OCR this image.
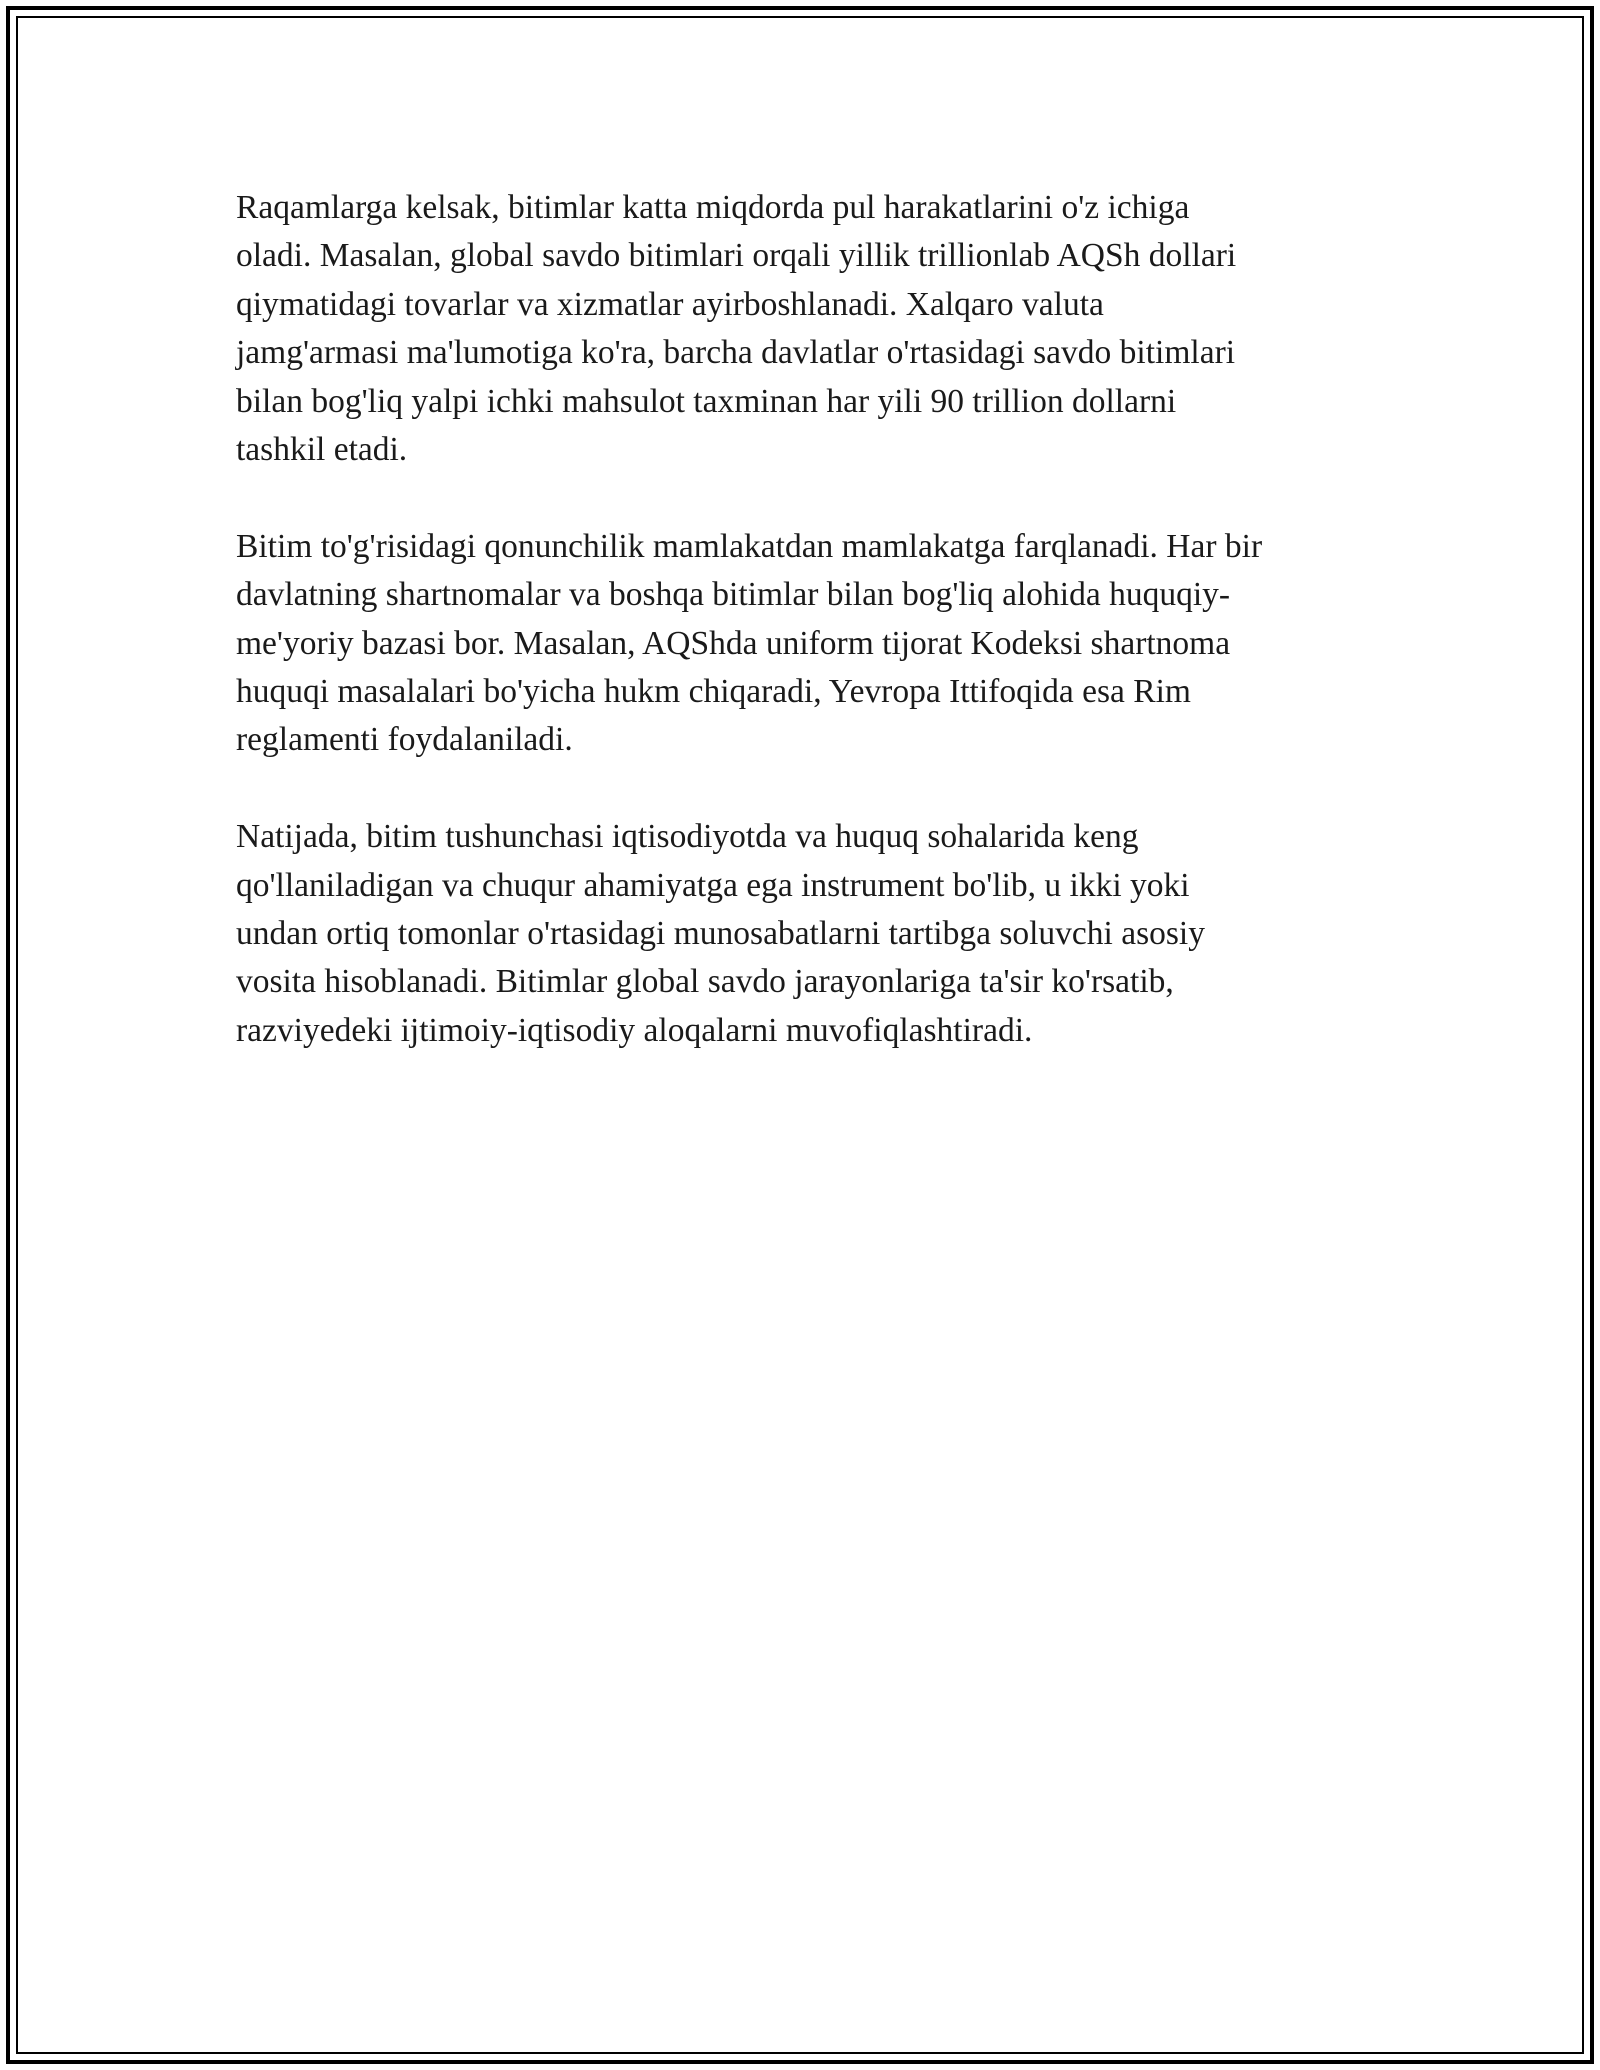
Raqamlarga kelsak, bitimlar katta miqdorda pul harakatlarini o'z ichiga
oladi. Masalan, global savdo bitimlari orqali yillik trillionlab AQSh dollari
qiymatidagi tovarlar va xizmatlar ayirboshlanadi. Xalqaro valuta
jamg'armasi ma'lumotiga ko'ra, barcha davlatlar o'rtasidagi savdo bitimlari
bilan bog'liq yalpi ichki mahsulot taxminan har yili 90 trillion dollarni
tashkil etadi.

Bitim to'g'risidagi qonunchilik mamlakatdan mamlakatga farqlanadi. Har bir
davlatning shartnomalar va boshqa bitimlar bilan bog'liq alohida huquqiy-
me'yoriy bazasi bor. Masalan, AQShda uniform tijorat Kodeksi shartnoma
huquqi masalalari bo'yicha hukm chiqaradi, Yevropa Ittifoqida esa Rim
reglamenti foydalaniladi.

Natijada, bitim tushunchasi iqtisodiyotda va huquq sohalarida keng
qo'llaniladigan va chuqur ahamiyatga ega instrument bo'lib, u ikki yoki
undan ortiq tomonlar o'rtasidagi munosabatlarni tartibga soluvchi asosiy
vosita hisoblanadi. Bitimlar global savdo jarayonlariga ta'sir ko'rsatib,
razviyedeki ijtimoiy-iqtisodiy aloqalarni muvofiqlashtiradi.
